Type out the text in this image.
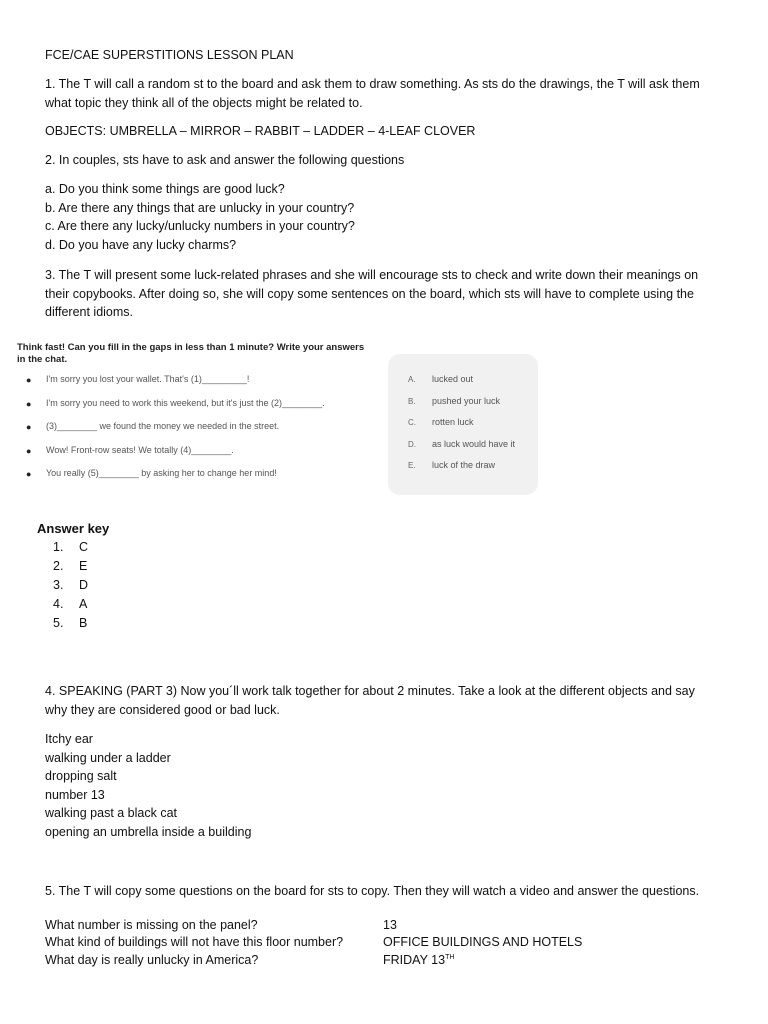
FCE/CAE SUPERSTITIONS LESSON PLAN

1. The T will call a random st to the board and ask them to draw something. As sts do the drawings, the T will ask them
what topic they think all of the objects might be related to.

OBJECTS: UMBRELLA – MIRROR – RABBIT – LADDER – 4-LEAF CLOVER

2. In couples, sts have to ask and answer the following questions

a. Do you think some things are good luck?
b. Are there any things that are unlucky in your country?
c. Are there any lucky/unlucky numbers in your country?
d. Do you have any lucky charms?

3. The T will present some luck-related phrases and she will encourage sts to check and write down their meanings on
their copybooks. After doing so, she will copy some sentences on the board, which sts will have to complete using the
different idioms.

Think fast! Can you fill in the gaps in less than 1 minute? Write your answers
in the chat.
● I'm sorry you lost your wallet. That's (1)_________!
● I'm sorry you need to work this weekend, but it's just the (2)________.
● (3)________ we found the money we needed in the street.
● Wow! Front-row seats! We totally (4)________.
● You really (5)________ by asking her to change her mind!
A. lucked out
B. pushed your luck
C. rotten luck
D. as luck would have it
E. luck of the draw
Answer key
1. C
2. E
3. D
4. A
5. B

4. SPEAKING (PART 3) Now you´ll work talk together for about 2 minutes. Take a look at the different objects and say
why they are considered good or bad luck.

Itchy ear
walking under a ladder
dropping salt
number 13
walking past a black cat
opening an umbrella inside a building

5. The T will copy some questions on the board for sts to copy. Then they will watch a video and answer the questions.

What number is missing on the panel?	13
What kind of buildings will not have this floor number?	OFFICE BUILDINGS AND HOTELS
What day is really unlucky in America?	FRIDAY 13TH
